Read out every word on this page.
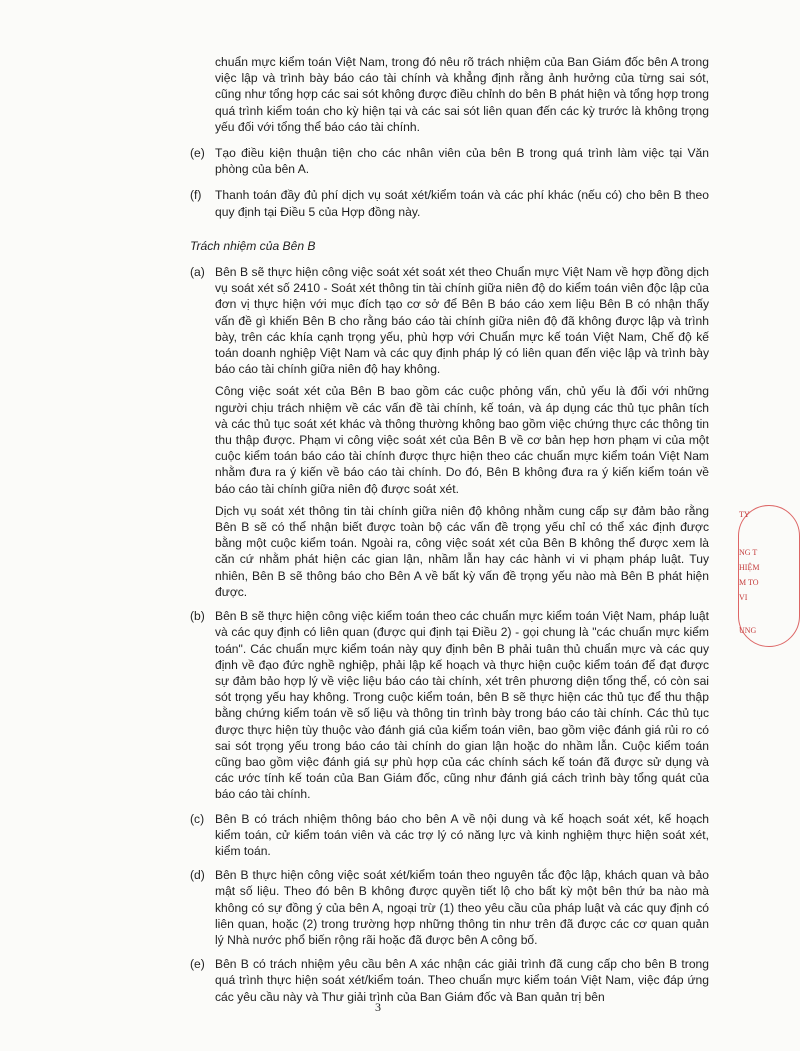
chuẩn mực kiểm toán Việt Nam, trong đó nêu rõ trách nhiệm của Ban Giám đốc bên A trong việc lập và trình bày báo cáo tài chính và khẳng định rằng ảnh hưởng của từng sai sót, cũng như tổng hợp các sai sót không được điều chỉnh do bên B phát hiện và tổng hợp trong quá trình kiểm toán cho kỳ hiện tại và các sai sót liên quan đến các kỳ trước là không trọng yếu đối với tổng thể báo cáo tài chính.

(e) Tạo điều kiện thuận tiện cho các nhân viên của bên B trong quá trình làm việc tại Văn phòng của bên A.

(f) Thanh toán đầy đủ phí dịch vụ soát xét/kiểm toán và các phí khác (nếu có) cho bên B theo quy định tại Điều 5 của Hợp đồng này.

Trách nhiệm của Bên B

(a) Bên B sẽ thực hiện công việc soát xét soát xét theo Chuẩn mực Việt Nam về hợp đồng dịch vụ soát xét số 2410 - Soát xét thông tin tài chính giữa niên độ do kiểm toán viên độc lập của đơn vị thực hiện với mục đích tạo cơ sở để Bên B báo cáo xem liệu Bên B có nhận thấy vấn đề gì khiến Bên B cho rằng báo cáo tài chính giữa niên độ đã không được lập và trình bày, trên các khía cạnh trọng yếu, phù hợp với Chuẩn mực kế toán Việt Nam, Chế độ kế toán doanh nghiệp Việt Nam và các quy định pháp lý có liên quan đến việc lập và trình bày báo cáo tài chính giữa niên độ hay không.

Công việc soát xét của Bên B bao gồm các cuộc phỏng vấn, chủ yếu là đối với những người chịu trách nhiệm về các vấn đề tài chính, kế toán, và áp dụng các thủ tục phân tích và các thủ tục soát xét khác và thông thường không bao gồm việc chứng thực các thông tin thu thập được. Phạm vi công việc soát xét của Bên B về cơ bản hẹp hơn phạm vi của một cuộc kiểm toán báo cáo tài chính được thực hiện theo các chuẩn mực kiểm toán Việt Nam nhằm đưa ra ý kiến về báo cáo tài chính. Do đó, Bên B không đưa ra ý kiến kiểm toán về báo cáo tài chính giữa niên độ được soát xét.

Dịch vụ soát xét thông tin tài chính giữa niên độ không nhằm cung cấp sự đảm bảo rằng Bên B sẽ có thể nhận biết được toàn bộ các vấn đề trọng yếu chỉ có thể xác định được bằng một cuộc kiểm toán. Ngoài ra, công việc soát xét của Bên B không thể được xem là căn cứ nhằm phát hiện các gian lận, nhầm lẫn hay các hành vi vi phạm pháp luật. Tuy nhiên, Bên B sẽ thông báo cho Bên A về bất kỳ vấn đề trọng yếu nào mà Bên B phát hiện được.

(b) Bên B sẽ thực hiện công việc kiểm toán theo các chuẩn mực kiểm toán Việt Nam, pháp luật và các quy định có liên quan (được qui định tại Điều 2) - gọi chung là "các chuẩn mực kiểm toán". Các chuẩn mực kiểm toán này quy định bên B phải tuân thủ chuẩn mực và các quy định về đạo đức nghề nghiệp, phải lập kế hoạch và thực hiện cuộc kiểm toán để đạt được sự đảm bảo hợp lý về việc liệu báo cáo tài chính, xét trên phương diện tổng thể, có còn sai sót trọng yếu hay không. Trong cuộc kiểm toán, bên B sẽ thực hiện các thủ tục để thu thập bằng chứng kiểm toán về số liệu và thông tin trình bày trong báo cáo tài chính. Các thủ tục được thực hiện tùy thuộc vào đánh giá của kiểm toán viên, bao gồm việc đánh giá rủi ro có sai sót trọng yếu trong báo cáo tài chính do gian lận hoặc do nhầm lẫn. Cuộc kiểm toán cũng bao gồm việc đánh giá sự phù hợp của các chính sách kế toán đã được sử dụng và các ước tính kế toán của Ban Giám đốc, cũng như đánh giá cách trình bày tổng quát của báo cáo tài chính.

(c) Bên B có trách nhiệm thông báo cho bên A về nội dung và kế hoạch soát xét, kế hoạch kiểm toán, cử kiểm toán viên và các trợ lý có năng lực và kinh nghiệm thực hiện soát xét, kiểm toán.

(d) Bên B thực hiện công việc soát xét/kiểm toán theo nguyên tắc độc lập, khách quan và bảo mật số liệu. Theo đó bên B không được quyền tiết lộ cho bất kỳ một bên thứ ba nào mà không có sự đồng ý của bên A, ngoại trừ (1) theo yêu cầu của pháp luật và các quy định có liên quan, hoặc (2) trong trường hợp những thông tin như trên đã được các cơ quan quản lý Nhà nước phổ biến rộng rãi hoặc đã được bên A công bố.

(e) Bên B có trách nhiệm yêu cầu bên A xác nhận các giải trình đã cung cấp cho bên B trong quá trình thực hiện soát xét/kiểm toán. Theo chuẩn mực kiểm toán Việt Nam, việc đáp ứng các yêu cầu này và Thư giải trình của Ban Giám đốc và Ban quản trị bên

3
TY
NG T
HIỆM
M TO
VI
UNG
